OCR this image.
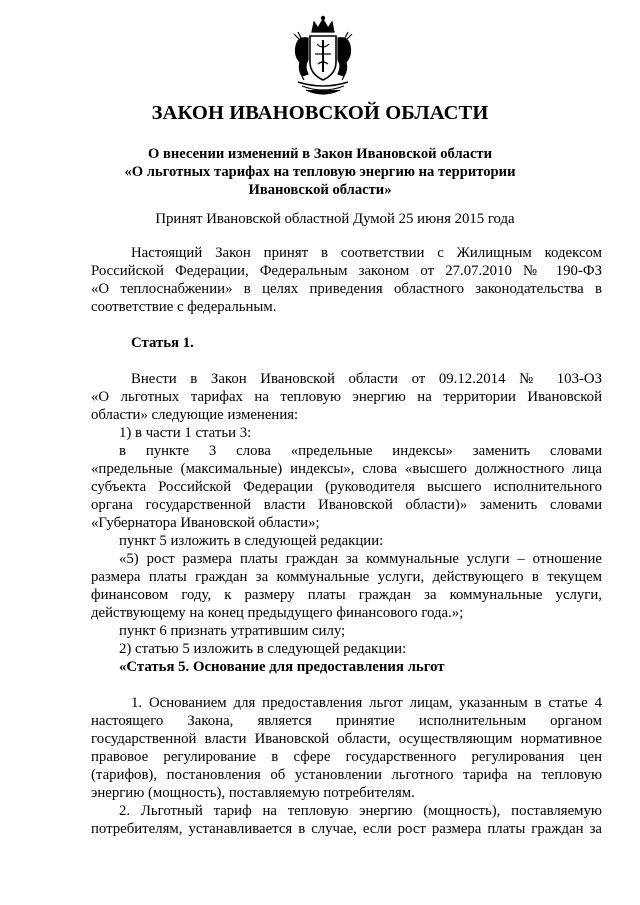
ЗАКОН ИВАНОВСКОЙ ОБЛАСТИ
О внесении изменений в Закон Ивановской области
«О льготных тарифах на тепловую энергию на территории
Ивановской области»
Принят Ивановской областной Думой 25 июня 2015 года
Настоящий Закон принят в соответствии с Жилищным кодексом
Российской Федерации, Федеральным законом от 27.07.2010 № 190-ФЗ
«О теплоснабжении» в целях приведения областного законодательства в
соответствие с федеральным.
Статья 1.
Внести в Закон Ивановской области от 09.12.2014 № 103-ОЗ
«О льготных тарифах на тепловую энергию на территории Ивановской
области» следующие изменения:
1) в части 1 статьи 3:
в пункте 3 слова «предельные индексы» заменить словами
«предельные (максимальные) индексы», слова «высшего должностного лица
субъекта Российской Федерации (руководителя высшего исполнительного
органа государственной власти Ивановской области)» заменить словами
«Губернатора Ивановской области»;
пункт 5 изложить в следующей редакции:
«5) рост размера платы граждан за коммунальные услуги – отношение
размера платы граждан за коммунальные услуги, действующего в текущем
финансовом году, к размеру платы граждан за коммунальные услуги,
действующему на конец предыдущего финансового года.»;
пункт 6 признать утратившим силу;
2) статью 5 изложить в следующей редакции:
«Статья 5. Основание для предоставления льгот
1. Основанием для предоставления льгот лицам, указанным в статье 4
настоящего Закона, является принятие исполнительным органом
государственной власти Ивановской области, осуществляющим нормативное
правовое регулирование в сфере государственного регулирования цен
(тарифов), постановления об установлении льготного тарифа на тепловую
энергию (мощность), поставляемую потребителям.
2. Льготный тариф на тепловую энергию (мощность), поставляемую
потребителям, устанавливается в случае, если рост размера платы граждан за
